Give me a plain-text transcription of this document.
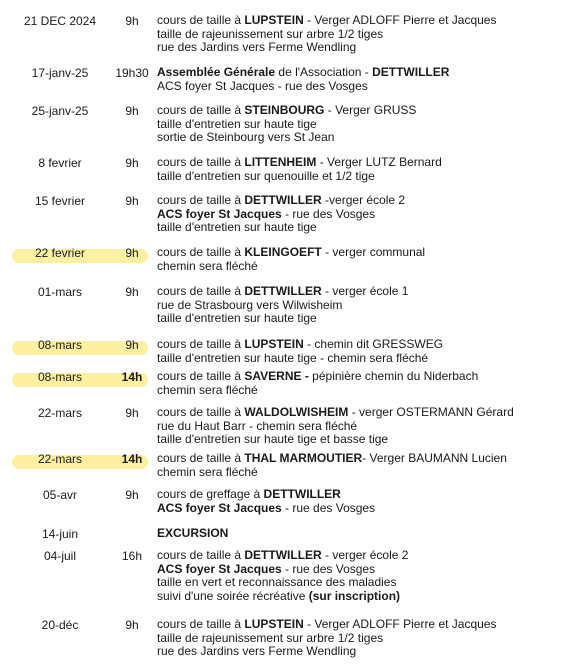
21 DEC 2024	9h	cours de taille à LUPSTEIN - Verger ADLOFF Pierre et Jacques
taille de rajeunissement sur arbre 1/2 tiges
rue des Jardins vers Ferme Wendling
17-janv-25	19h30 Assemblée Générale de l'Association - DETTWILLER
ACS foyer St Jacques - rue des Vosges
25-janv-25	9h	cours de taille à STEINBOURG - Verger GRUSS
taille d'entretien sur haute tige
sortie de Steinbourg vers St Jean
8 fevrier	9h	cours de taille à LITTENHEIM - Verger LUTZ Bernard
taille d'entretien sur quenouille et 1/2 tige
15 fevrier	9h	cours de taille à DETTWILLER -verger école 2
ACS foyer St Jacques - rue des Vosges
taille d'entretien sur haute tige
22 fevrier	9h	cours de taille à KLEINGOEFT - verger communal
chemin sera fléché
01-mars	9h	cours de taille à DETTWILLER - verger école 1
rue de Strasbourg vers Wilwisheim
taille d'entretien sur haute tige
08-mars	9h	cours de taille à LUPSTEIN - chemin dit GRESSWEG
taille d'entretien sur haute tige - chemin sera fléché
08-mars	14h	cours de taille à SAVERNE - pépinière chemin du Niderbach
chemin sera fléché
22-mars	9h	cours de taille à WALDOLWISHEIM - verger OSTERMANN Gérard
rue du Haut Barr - chemin sera fléché
taille d'entretien sur haute tige et basse tige
22-mars	14h	cours de taille à THAL MARMOUTIER- Verger BAUMANN Lucien
chemin sera fléché
05-avr	9h	cours de greffage à DETTWILLER
ACS foyer St Jacques - rue des Vosges
14-juin	EXCURSION
04-juil	16h	cours de taille à DETTWILLER - verger école 2
ACS foyer St Jacques - rue des Vosges
taille en vert et reconnaissance des maladies
suivi d'une soirée récréative (sur inscription)
20-déc	9h	cours de taille à LUPSTEIN - Verger ADLOFF Pierre et Jacques
taille de rajeunissement sur arbre 1/2 tiges
rue des Jardins vers Ferme Wendling
